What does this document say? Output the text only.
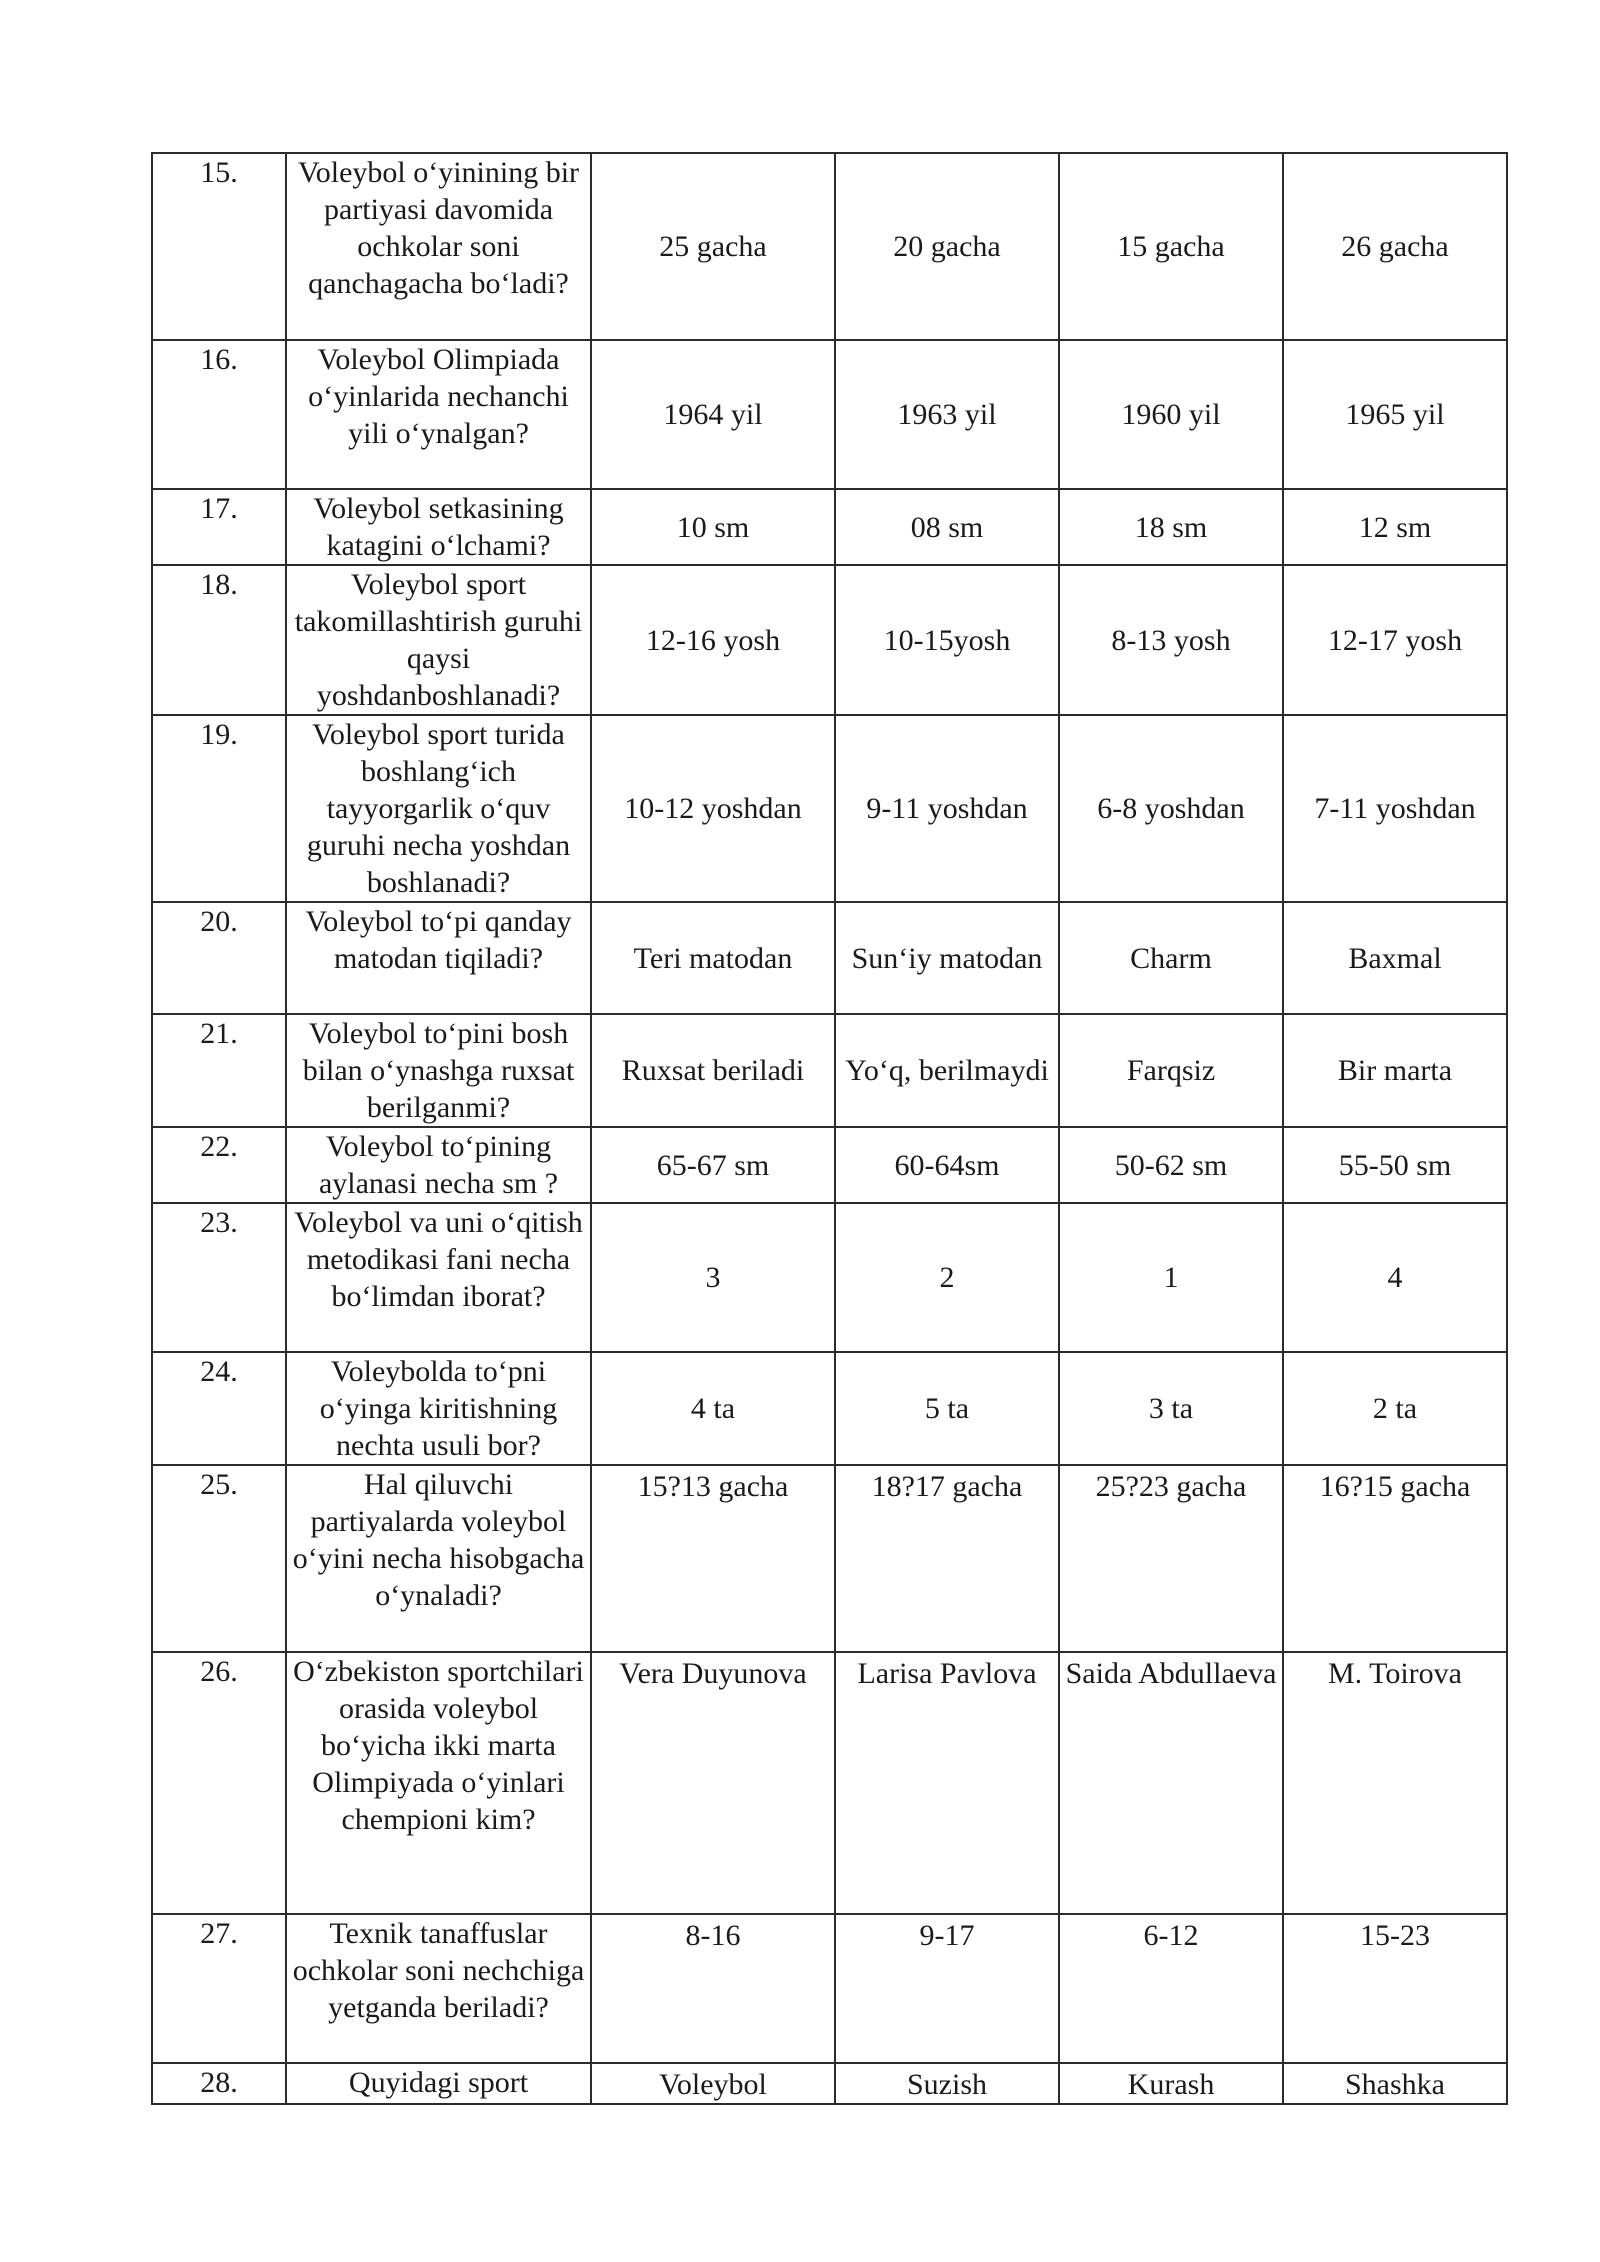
15.	Voleybol o‘yinining bir partiyasi davomida ochkolar soni qanchagacha bo‘ladi?	25 gacha	20 gacha	15 gacha	26 gacha
16.	Voleybol Olimpiada o‘yinlarida nechanchi yili o‘ynalgan?	1964 yil	1963 yil	1960 yil	1965 yil
17.	Voleybol setkasining katagini o‘lchami?	10 sm	08 sm	18 sm	12 sm
18.	Voleybol sport takomillashtirish guruhi qaysi yoshdanboshlanadi?	12-16 yosh	10-15yosh	8-13 yosh	12-17 yosh
19.	Voleybol sport turida boshlang‘ich tayyorgarlik o‘quv guruhi necha yoshdan boshlanadi?	10-12 yoshdan	9-11 yoshdan	6-8 yoshdan	7-11 yoshdan
20.	Voleybol to‘pi qanday matodan tiqiladi?	Teri matodan	Sun‘iy matodan	Charm	Baxmal
21.	Voleybol to‘pini bosh bilan o‘ynashga ruxsat berilganmi?	Ruxsat beriladi	Yo‘q, berilmaydi	Farqsiz	Bir marta
22.	Voleybol to‘pining aylanasi necha sm ?	65-67 sm	60-64sm	50-62 sm	55-50 sm
23.	Voleybol va uni o‘qitish metodikasi fani necha bo‘limdan iborat?	3	2	1	4
24.	Voleybolda to‘pni o‘yinga kiritishning nechta usuli bor?	4 ta	5 ta	3 ta	2 ta
25.	Hal qiluvchi partiyalarda voleybol o‘yini necha hisobgacha o‘ynaladi?	15?13 gacha	18?17 gacha	25?23 gacha	16?15 gacha
26.	O‘zbekiston sportchilari orasida voleybol bo‘yicha ikki marta Olimpiyada o‘yinlari chempioni kim?	Vera Duyunova	Larisa Pavlova	Saida Abdullaeva	M. Toirova
27.	Texnik tanaffuslar ochkolar soni nechchiga yetganda beriladi?	8-16	9-17	6-12	15-23
28.	Quyidagi sport	Voleybol	Suzish	Kurash	Shashka
